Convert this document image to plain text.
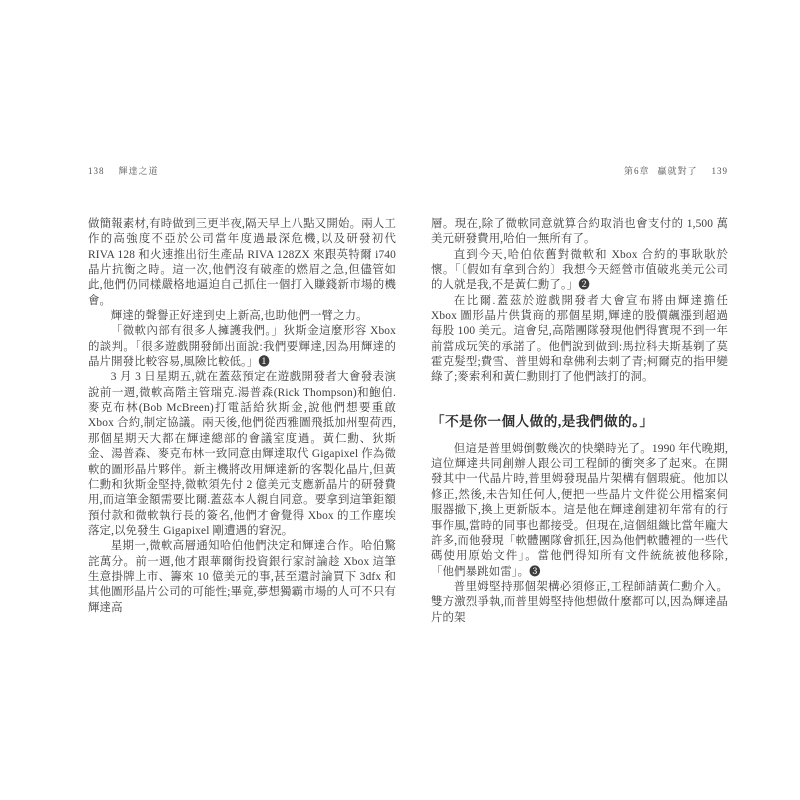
138 輝達之道

做簡報素材,有時做到三更半夜,隔天早上八點又開始。兩人工作的高強度不亞於公司當年度過最深危機,以及研發初代 RIVA 128 和火速推出衍生產品 RIVA 128ZX 來跟英特爾 i740 晶片抗衡之時。這一次,他們沒有破產的燃眉之急,但儘管如此,他們仍同樣嚴格地逼迫自己抓住一個打入賺錢新市場的機會。

輝達的聲譽正好達到史上新高,也助他們一臂之力。

「微軟內部有很多人擁護我們。」狄斯金這麼形容 Xbox 的談判。「很多遊戲開發師出面說:我們要輝達,因為用輝達的晶片開發比較容易,風險比較低。」❶

3 月 3 日星期五,就在蓋茲預定在遊戲開發者大會發表演說前一週,微軟高階主管瑞克.湯普森(Rick Thompson)和鮑伯.麥克布林(Bob McBreen)打電話給狄斯金,說他們想要重啟 Xbox 合約,制定協議。兩天後,他們從西雅圖飛抵加州聖荷西,那個星期天大都在輝達總部的會議室度過。黃仁勳、狄斯金、湯普森、麥克布林一致同意由輝達取代 Gigapixel 作為微軟的圖形晶片夥伴。新主機將改用輝達新的客製化晶片,但黃仁勳和狄斯金堅持,微軟須先付 2 億美元支應新晶片的研發費用,而這筆金額需要比爾.蓋茲本人親自同意。要拿到這筆鉅額預付款和微軟執行長的簽名,他們才會覺得 Xbox 的工作塵埃落定,以免發生 Gigapixel 剛遭遇的窘況。

星期一,微軟高層通知哈伯他們決定和輝達合作。哈伯驚詫萬分。前一週,他才跟華爾街投資銀行家討論趁 Xbox 這筆生意掛牌上市、籌來 10 億美元的事,甚至還討論買下 3dfx 和其他圖形晶片公司的可能性;畢竟,夢想獨霸市場的人可不只有輝達高

第6章 贏就對了 139

層。現在,除了微軟同意就算合約取消也會支付的 1,500 萬美元研發費用,哈伯一無所有了。

直到今天,哈伯依舊對微軟和 Xbox 合約的事耿耿於懷。「〔假如有拿到合約〕我想今天經營市值破兆美元公司的人就是我,不是黃仁勳了。」❷

在比爾.蓋茲於遊戲開發者大會宣布將由輝達擔任 Xbox 圖形晶片供貨商的那個星期,輝達的股價飆漲到超過每股 100 美元。這會兒,高階團隊發現他們得實現不到一年前當成玩笑的承諾了。他們說到做到:馬拉科夫斯基剃了莫霍克髮型;費雪、普里姆和韋佛利去刺了青;柯爾克的指甲變綠了;麥索利和黃仁勳則打了他們該打的洞。

「不是你一個人做的,是我們做的。」

但這是普里姆倒數幾次的快樂時光了。1990 年代晚期,這位輝達共同創辦人跟公司工程師的衝突多了起來。在開發其中一代晶片時,普里姆發現晶片架構有個瑕疵。他加以修正,然後,未告知任何人,便把一些晶片文件從公用檔案伺服器撤下,換上更新版本。這是他在輝達創建初年常有的行事作風,當時的同事也都接受。但現在,這個組織比當年龐大許多,而他發現「軟體團隊會抓狂,因為他們軟體裡的一些代碼使用原始文件」。當他們得知所有文件統統被他移除,「他們暴跳如雷」。❸

普里姆堅持那個架構必須修正,工程師請黃仁勳介入。雙方激烈爭執,而普里姆堅持他想做什麼都可以,因為輝達晶片的架
